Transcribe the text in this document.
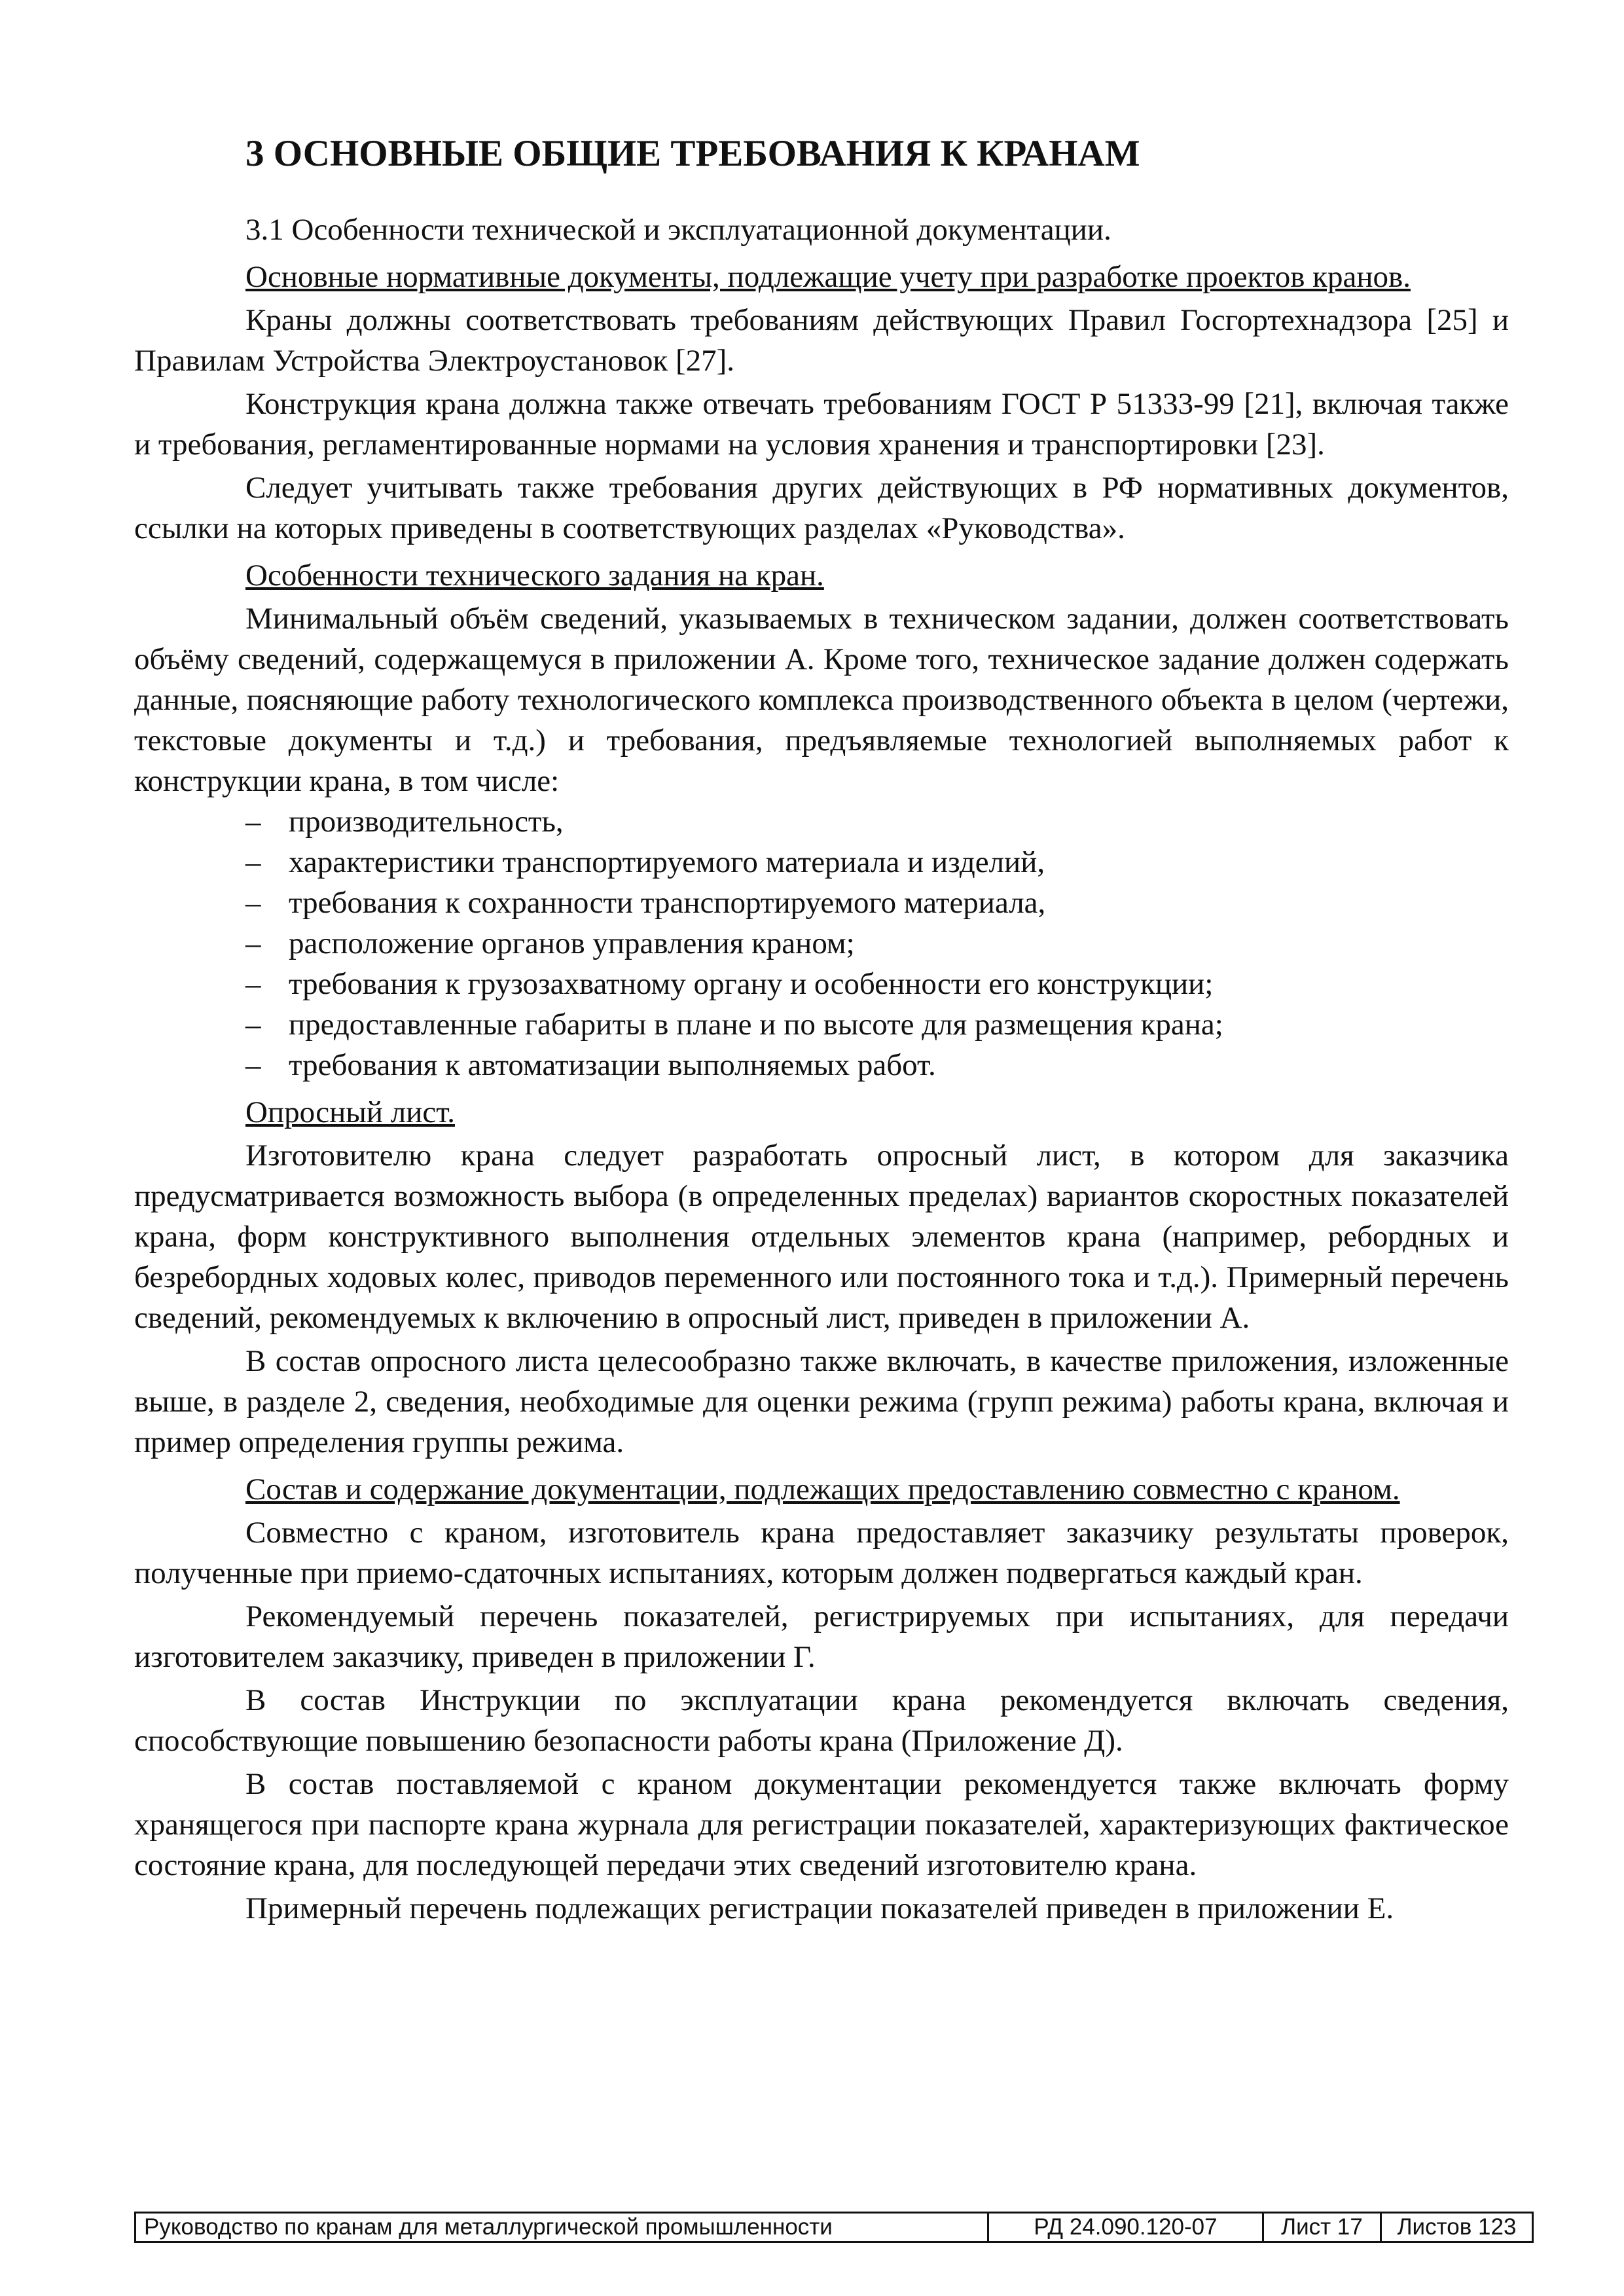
3 ОСНОВНЫЕ ОБЩИЕ ТРЕБОВАНИЯ К КРАНАМ
3.1 Особенности технической и эксплуатационной документации.
Основные нормативные документы, подлежащие учету при разработке проектов кранов.

Краны должны соответствовать требованиям действующих Правил Госгортехнадзора [25] и Правилам Устройства Электроустановок [27].

Конструкция крана должна также отвечать требованиям ГОСТ Р 51333-99 [21], включая также и требования, регламентированные нормами на условия хранения и транспортировки [23].

Следует учитывать также требования других действующих в РФ нормативных документов, ссылки на которых приведены в соответствующих разделах «Руководства».

Особенности технического задания на кран.

Минимальный объём сведений, указываемых в техническом задании, должен соответствовать объёму сведений, содержащемуся в приложении А. Кроме того, техническое задание должен содержать данные, поясняющие работу технологического комплекса производственного объекта в целом (чертежи, текстовые документы и т.д.) и требования, предъявляемые технологией выполняемых работ к конструкции крана, в том числе:

– производительность,
– характеристики транспортируемого материала и изделий,
– требования к сохранности транспортируемого материала,
– расположение органов управления краном;
– требования к грузозахватному органу и особенности его конструкции;
– предоставленные габариты в плане и по высоте для размещения крана;
– требования к автоматизации выполняемых работ.
Опросный лист.

Изготовителю крана следует разработать опросный лист, в котором для заказчика предусматривается возможность выбора (в определенных пределах) вариантов скоростных показателей крана, форм конструктивного выполнения отдельных элементов крана (например, ребордных и безребордных ходовых колес, приводов переменного или постоянного тока и т.д.). Примерный перечень сведений, рекомендуемых к включению в опросный лист, приведен в приложении А.

В состав опросного листа целесообразно также включать, в качестве приложения, изложенные выше, в разделе 2, сведения, необходимые для оценки режима (групп режима) работы крана, включая и пример определения группы режима.

Состав и содержание документации, подлежащих предоставлению совместно с краном.

Совместно с краном, изготовитель крана предоставляет заказчику результаты проверок, полученные при приемо-сдаточных испытаниях, которым должен подвергаться каждый кран.

Рекомендуемый перечень показателей, регистрируемых при испытаниях, для передачи изготовителем заказчику, приведен в приложении Г.

В состав Инструкции по эксплуатации крана рекомендуется включать сведения, способствующие повышению безопасности работы крана (Приложение Д).

В состав поставляемой с краном документации рекомендуется также включать форму хранящегося при паспорте крана журнала для регистрации показателей, характеризующих фактическое состояние крана, для последующей передачи этих сведений изготовителю крана.

Примерный перечень подлежащих регистрации показателей приведен в приложении Е.

Руководство по кранам для металлургической промышленности	РД 24.090.120-07	Лист 17	Листов 123
